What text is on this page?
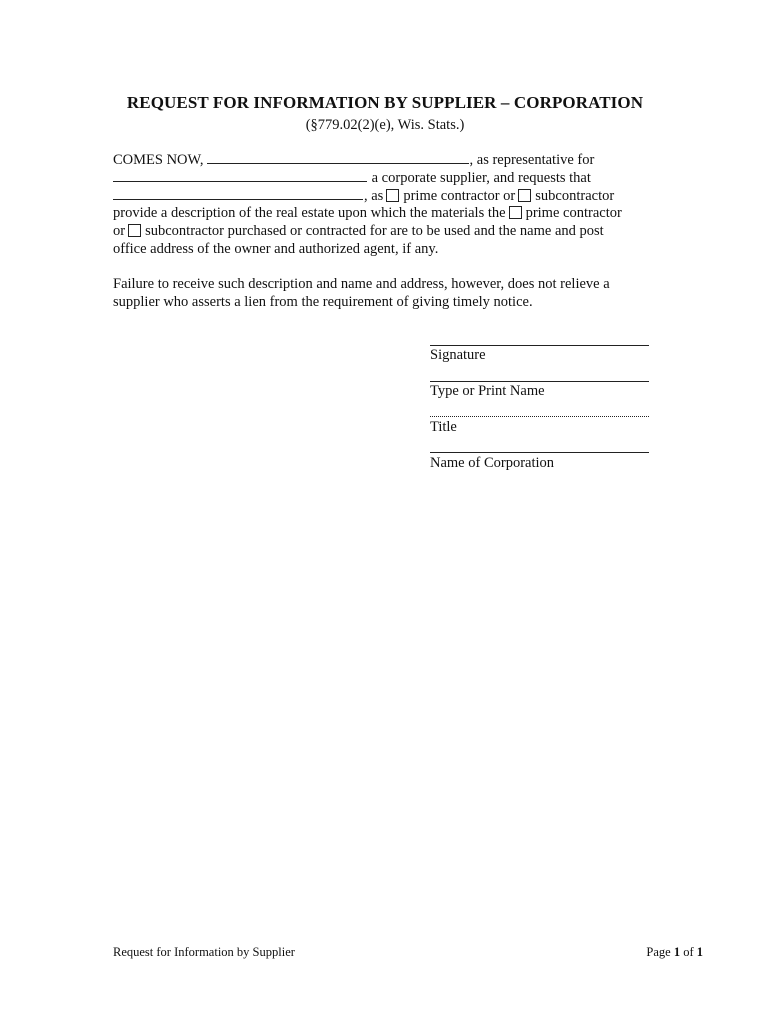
REQUEST FOR INFORMATION BY SUPPLIER – CORPORATION
(§779.02(2)(e), Wis. Stats.)
COMES NOW,	, as representative for
a corporate supplier, and requests that
, as prime contractor or subcontractor
provide a description of the real estate upon which the materials the prime contractor
or subcontractor purchased or contracted for are to be used and the name and post
office address of the owner and authorized agent, if any.
Failure to receive such description and name and address, however, does not relieve a
supplier who asserts a lien from the requirement of giving timely notice.
Signature
Type or Print Name
Title
Name of Corporation
Request for Information by Supplier	Page 1 of 1
